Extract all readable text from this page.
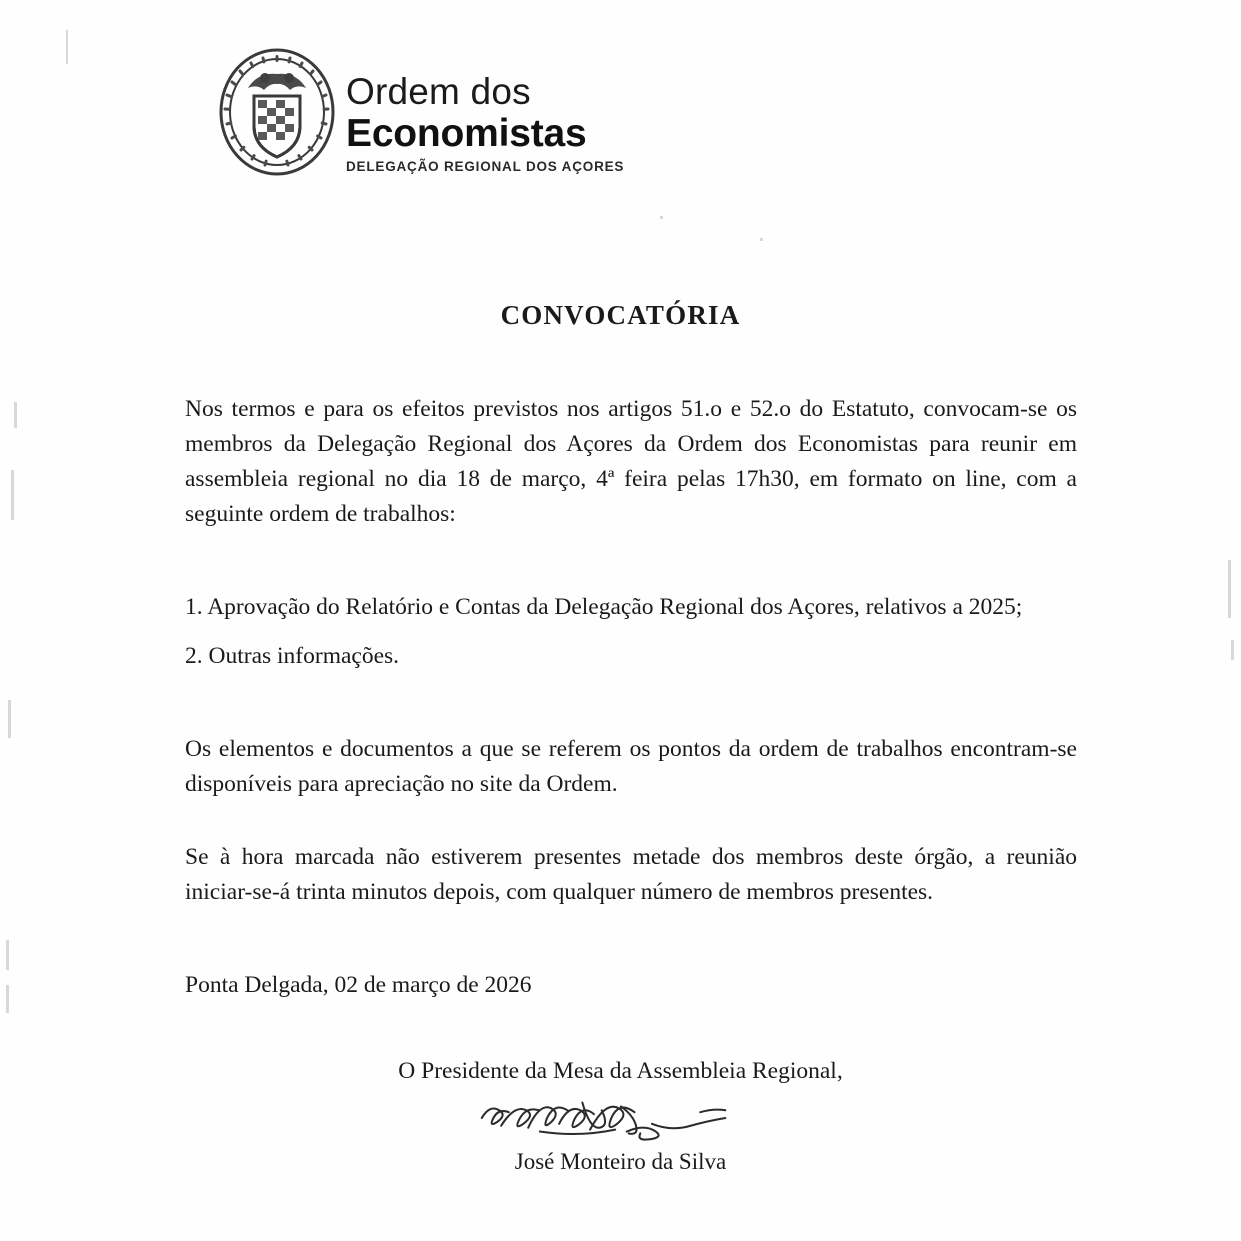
Ordem dos
Economistas
DELEGAÇÃO REGIONAL DOS AÇORES
CONVOCATÓRIA

Nos termos e para os efeitos previstos nos artigos 51.o e 52.o do Estatuto, convocam-se os membros da Delegação Regional dos Açores da Ordem dos Economistas para reunir em assembleia regional no dia 18 de março, 4ª feira pelas 17h30, em formato on line, com a seguinte ordem de trabalhos:

1. Aprovação do Relatório e Contas da Delegação Regional dos Açores, relativos a 2025;

2. Outras informações.

Os elementos e documentos a que se referem os pontos da ordem de trabalhos encontram-se disponíveis para apreciação no site da Ordem.

Se à hora marcada não estiverem presentes metade dos membros deste órgão, a reunião iniciar-se-á trinta minutos depois, com qualquer número de membros presentes.

Ponta Delgada, 02 de março de 2026

O Presidente da Mesa da Assembleia Regional,
José Monteiro da Silva
